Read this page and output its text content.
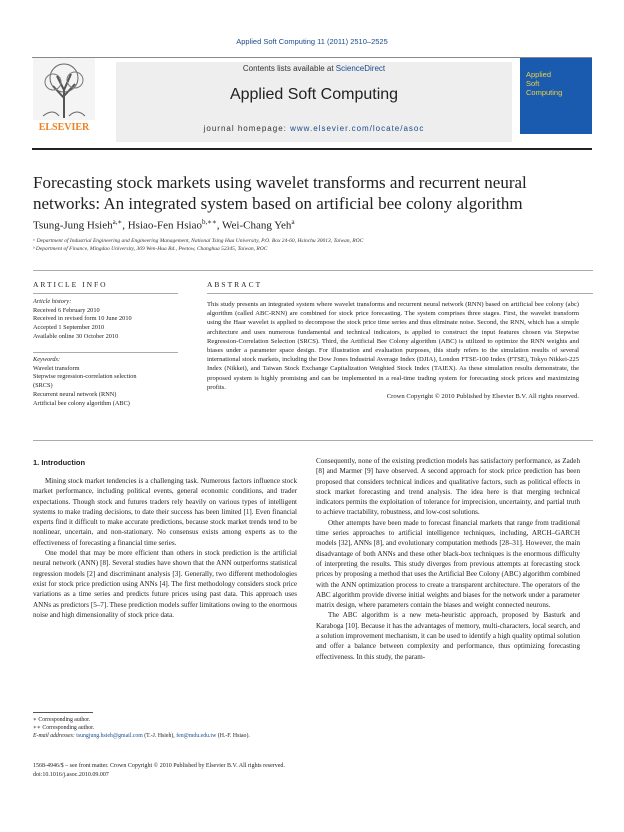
Applied Soft Computing 11 (2011) 2510–2525
ELSEVIER
Contents lists available at ScienceDirect
Applied Soft Computing
journal homepage: www.elsevier.com/locate/asoc
Applied
Soft
Computing
Forecasting stock markets using wavelet transforms and recurrent neural networks: An integrated system based on artificial bee colony algorithm
Tsung-Jung Hsieh$^{a,∗}$, Hsiao-Fen Hsiao$^{b,∗∗}$, Wei-Chang Yeh$^a$
ᵃ Department of Industrial Engineering and Engineering Management, National Tsing Hua University, P.O. Box 24-60, Hsinchu 30013, Taiwan, ROC
ᵇ Department of Finance, Mingdao University, 369 Wen-Hua Rd., Peetow, Changhua 52345, Taiwan, ROC
ARTICLE INFO
Article history:
Received 6 February 2010
Received in revised form 10 June 2010
Accepted 1 September 2010
Available online 30 October 2010
Keywords:
Wavelet transform
Stepwise regression-correlation selection
(SRCS)
Recurrent neural network (RNN)
Artificial bee colony algorithm (ABC)
ABSTRACT
This study presents an integrated system where wavelet transforms and recurrent neural network (RNN) based on artificial bee colony (abc) algorithm (called ABC-RNN) are combined for stock price forecasting. The system comprises three stages. First, the wavelet transform using the Haar wavelet is applied to decompose the stock price time series and thus eliminate noise. Second, the RNN, which has a simple architecture and uses numerous fundamental and technical indicators, is applied to construct the input features chosen via Stepwise Regression-Correlation Selection (SRCS). Third, the Artificial Bee Colony algorithm (ABC) is utilized to optimize the RNN weights and biases under a parameter space design. For illustration and evaluation purposes, this study refers to the simulation results of several international stock markets, including the Dow Jones Industrial Average Index (DJIA), London FTSE-100 Index (FTSE), Tokyo Nikkei-225 Index (Nikkei), and Taiwan Stock Exchange Capitalization Weighted Stock Index (TAIEX). As these simulation results demonstrate, the proposed system is highly promising and can be implemented in a real-time trading system for forecasting stock prices and maximizing profits.
Crown Copyright © 2010 Published by Elsevier B.V. All rights reserved.
1. Introduction

Mining stock market tendencies is a challenging task. Numerous factors influence stock market performance, including political events, general economic conditions, and trader expectations. Though stock and futures traders rely heavily on various types of intelligent systems to make trading decisions, to date their success has been limited [1]. Even financial experts find it difficult to make accurate predictions, because stock market trends tend to be nonlinear, uncertain, and non-stationary. No consensus exists among experts as to the effectiveness of forecasting a financial time series.

One model that may be more efficient than others in stock prediction is the artificial neural network (ANN) [8]. Several studies have shown that the ANN outperforms statistical regression models [2] and discriminant analysis [3]. Generally, two different methodologies exist for stock price prediction using ANNs [4]. The first methodology considers stock price variations as a time series and predicts future prices using past data. This approach uses ANNs as predictors [5–7]. These prediction models suffer limitations owing to the enormous noise and high dimensionality of stock price data.

Consequently, none of the existing prediction models has satisfactory performance, as Zadeh [8] and Marmer [9] have observed. A second approach for stock price prediction has been proposed that considers technical indices and qualitative factors, such as political effects in stock market forecasting and trend analysis. The idea here is that merging technical indicators permits the exploitation of tolerance for imprecision, uncertainty, and partial truth to achieve tractability, robustness, and low-cost solutions.

Other attempts have been made to forecast financial markets that range from traditional time series approaches to artificial intelligence techniques, including, ARCH–GARCH models [32], ANNs [8], and evolutionary computation methods [28–31]. However, the main disadvantage of both ANNs and these other black-box techniques is the enormous difficulty of interpreting the results. This study diverges from previous attempts at forecasting stock prices by proposing a method that uses the Artificial Bee Colony (ABC) algorithm combined with the ANN optimization process to create a transparent architecture. The operators of the ABC algorithm provide diverse initial weights and biases for the network under a parameter matrix design, where parameters contain the biases and weight connected neurons.

The ABC algorithm is a new meta-heuristic approach, proposed by Basturk and Karaboga [10]. Because it has the advantages of memory, multi-characters, local search, and a solution improvement mechanism, it can be used to identify a high quality optimal solution and offer a balance between complexity and performance, thus optimizing forecasting effectiveness. In this study, the param-

∗ Corresponding author.
∗∗ Corresponding author.
E-mail addresses: tsungjung.hsieh@gmail.com (T.-J. Hsieh), fen@mdu.edu.tw (H.-F. Hsiao).
1568-4946/$ – see front matter. Crown Copyright © 2010 Published by Elsevier B.V. All rights reserved.
doi:10.1016/j.asoc.2010.09.007
